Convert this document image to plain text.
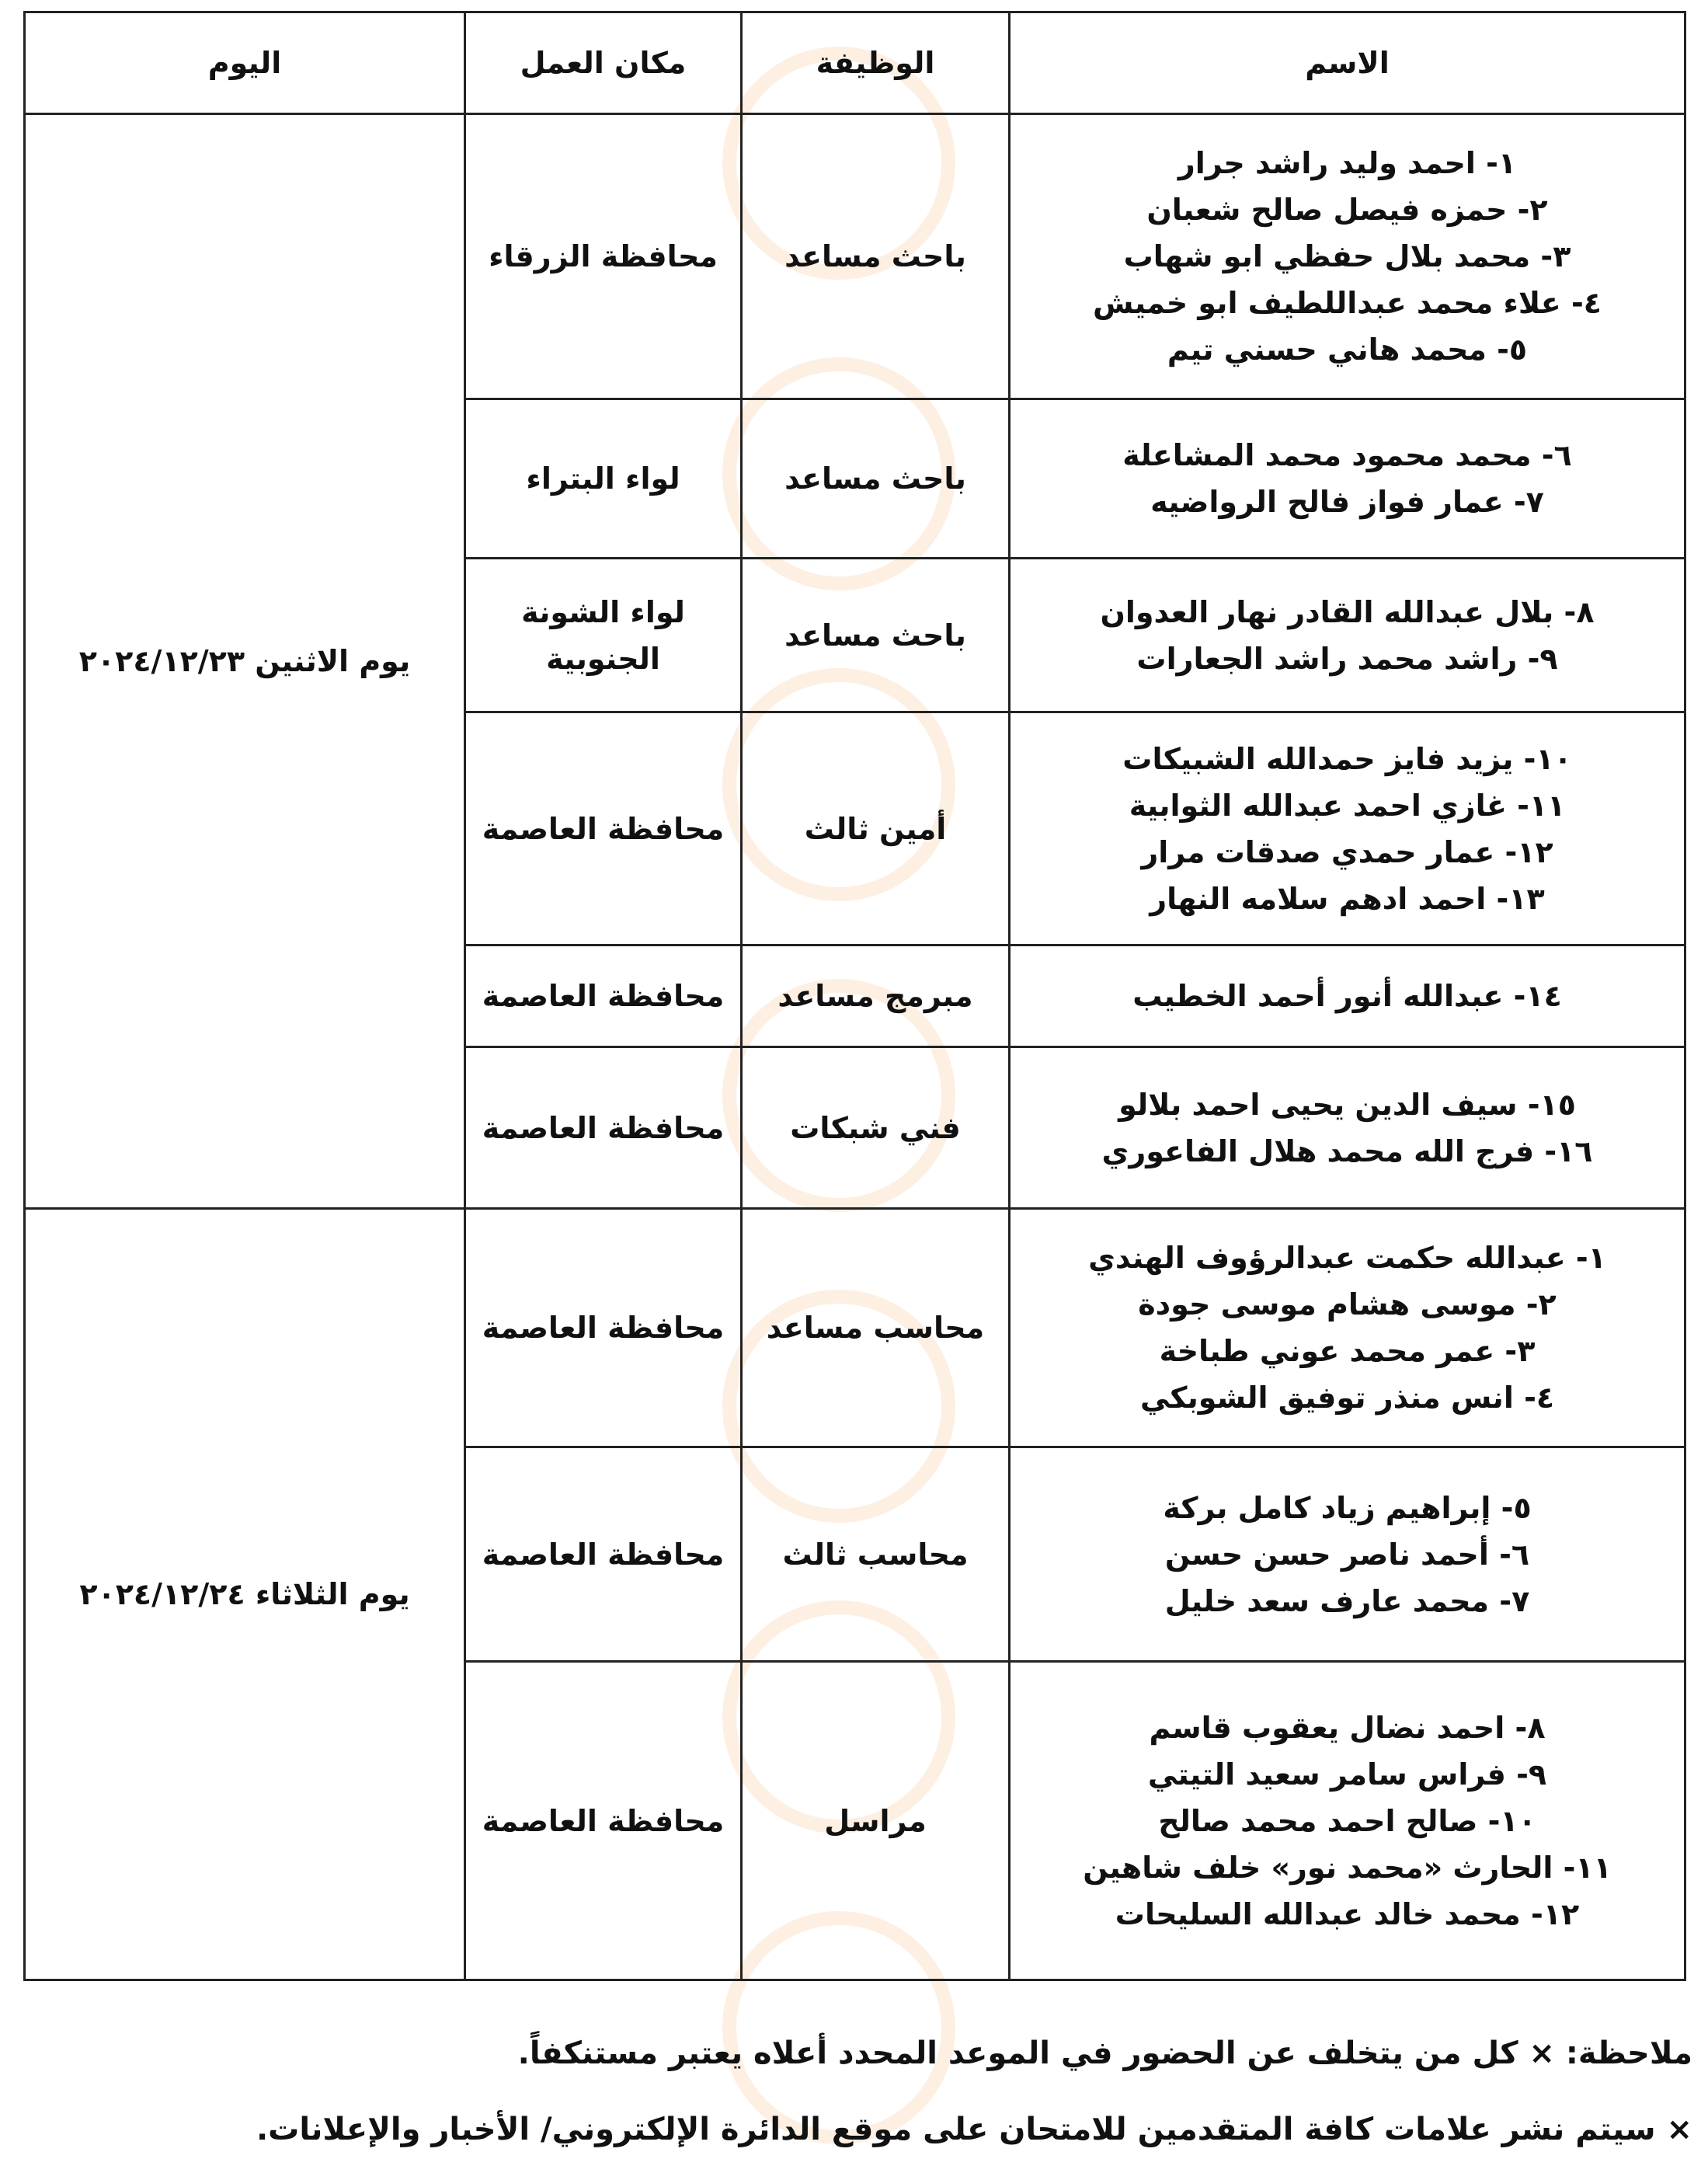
الاسم	الوظيفة	مكان العمل	اليوم

١- احمد وليد راشد جرار
٢- حمزه فيصل صالح شعبان
٣- محمد بلال حفظي ابو شهاب
٤- علاء محمد عبداللطيف ابو خميش
٥- محمد هاني حسني تيم	باحث مساعد	محافظة الزرقاء	يوم الاثنين ٢٠٢٤/١٢/٢٣

٦- محمد محمود محمد المشاعلة
٧- عمار فواز فالح الرواضيه	باحث مساعد	لواء البتراء	

٨- بلال عبدالله القادر نهار العدوان
٩- راشد محمد راشد الجعارات	باحث مساعد	لواء الشونة الجنوبية	

١٠- يزيد فايز حمدالله الشبيكات
١١- غازي احمد عبدالله الثوابية
١٢- عمار حمدي صدقات مرار
١٣- احمد ادهم سلامه النهار	أمين ثالث	محافظة العاصمة	

١٤- عبدالله أنور أحمد الخطيب	مبرمج مساعد	محافظة العاصمة	

١٥- سيف الدين يحيى احمد بلالو
١٦- فرج الله محمد هلال الفاعوري	فني شبكات	محافظة العاصمة	

١- عبدالله حكمت عبدالرؤوف الهندي
٢- موسى هشام موسى جودة
٣- عمر محمد عوني طباخة
٤- انس منذر توفيق الشوبكي	محاسب مساعد	محافظة العاصمة	يوم الثلاثاء ٢٠٢٤/١٢/٢٤

٥- إبراهيم زياد كامل بركة
٦- أحمد ناصر حسن حسن
٧- محمد عارف سعد خليل	محاسب ثالث	محافظة العاصمة	

٨- احمد نضال يعقوب قاسم
٩- فراس سامر سعيد التيتي
١٠- صالح احمد محمد صالح
١١- الحارث «محمد نور» خلف شاهين
١٢- محمد خالد عبدالله السليحات	مراسل	محافظة العاصمة	
ملاحظة: × كل من يتخلف عن الحضور في الموعد المحدد أعلاه يعتبر مستنكفاً.
× سيتم نشر علامات كافة المتقدمين للامتحان على موقع الدائرة الإلكتروني/ الأخبار والإعلانات.
